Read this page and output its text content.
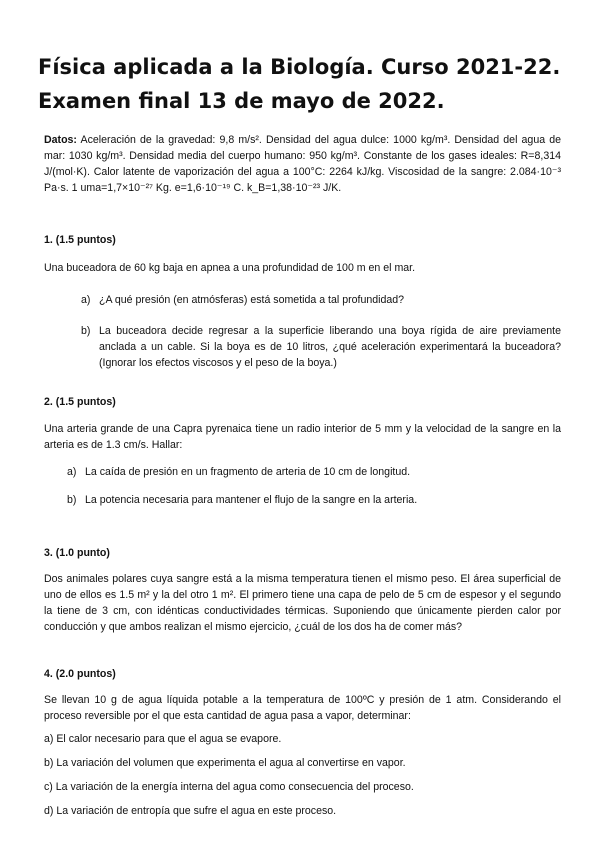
Física aplicada a la Biología. Curso 2021-22.
Examen final 13 de mayo de 2022.
Datos: Aceleración de la gravedad: 9,8 m/s². Densidad del agua dulce: 1000 kg/m³. Densidad del agua de mar: 1030 kg/m³. Densidad media del cuerpo humano: 950 kg/m³. Constante de los gases ideales: R=8,314 J/(mol·K). Calor latente de vaporización del agua a 100°C: 2264 kJ/kg. Viscosidad de la sangre: 2.084·10⁻³ Pa·s. 1 uma=1,7×10⁻²⁷ Kg. e=1,6·10⁻¹⁹ C. k_B=1,38·10⁻²³ J/K.
1. (1.5 puntos)
Una buceadora de 60 kg baja en apnea a una profundidad de 100 m en el mar.
a) ¿A qué presión (en atmósferas) está sometida a tal profundidad?
b) La buceadora decide regresar a la superficie liberando una boya rígida de aire previamente anclada a un cable. Si la boya es de 10 litros, ¿qué aceleración experimentará la buceadora? (Ignorar los efectos viscosos y el peso de la boya.)
2. (1.5 puntos)
Una arteria grande de una Capra pyrenaica tiene un radio interior de 5 mm y la velocidad de la sangre en la arteria es de 1.3 cm/s. Hallar:
a) La caída de presión en un fragmento de arteria de 10 cm de longitud.
b) La potencia necesaria para mantener el flujo de la sangre en la arteria.
3. (1.0 punto)
Dos animales polares cuya sangre está a la misma temperatura tienen el mismo peso. El área superficial de uno de ellos es 1.5 m² y la del otro 1 m². El primero tiene una capa de pelo de 5 cm de espesor y el segundo la tiene de 3 cm, con idénticas conductividades térmicas. Suponiendo que únicamente pierden calor por conducción y que ambos realizan el mismo ejercicio, ¿cuál de los dos ha de comer más?
4. (2.0 puntos)
Se llevan 10 g de agua líquida potable a la temperatura de 100ºC y presión de 1 atm. Considerando el proceso reversible por el que esta cantidad de agua pasa a vapor, determinar:
a) El calor necesario para que el agua se evapore.
b) La variación del volumen que experimenta el agua al convertirse en vapor.
c) La variación de la energía interna del agua como consecuencia del proceso.
d) La variación de entropía que sufre el agua en este proceso.
